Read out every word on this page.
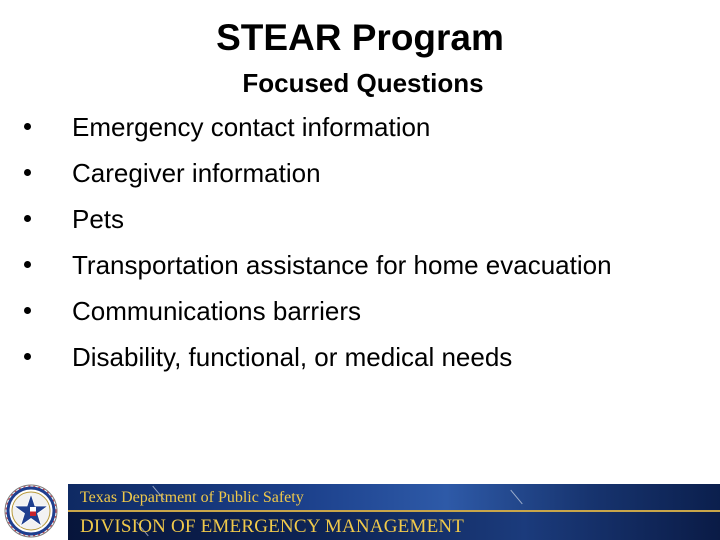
STEAR Program
Focused Questions
Emergency contact information
Caregiver information
Pets
Transportation assistance for home evacuation
Communications barriers
Disability, functional, or medical needs
Texas Department of Public Safety
DIVISION OF EMERGENCY MANAGEMENT
